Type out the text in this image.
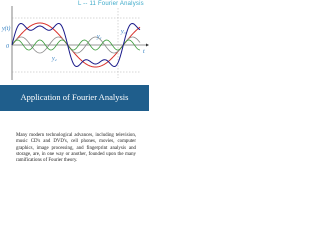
L -- 11 Fourier Analysis
y(t)
0
y₁
y₂
y₃
t
Application of Fourier Analysis
Many modern technological advances, including television, music CD's and DVD's, cell phones, movies, computer graphics, image processing, and fingerprint analysis and storage, are, in one way or another, founded upon the many ramifications of Fourier theory.
